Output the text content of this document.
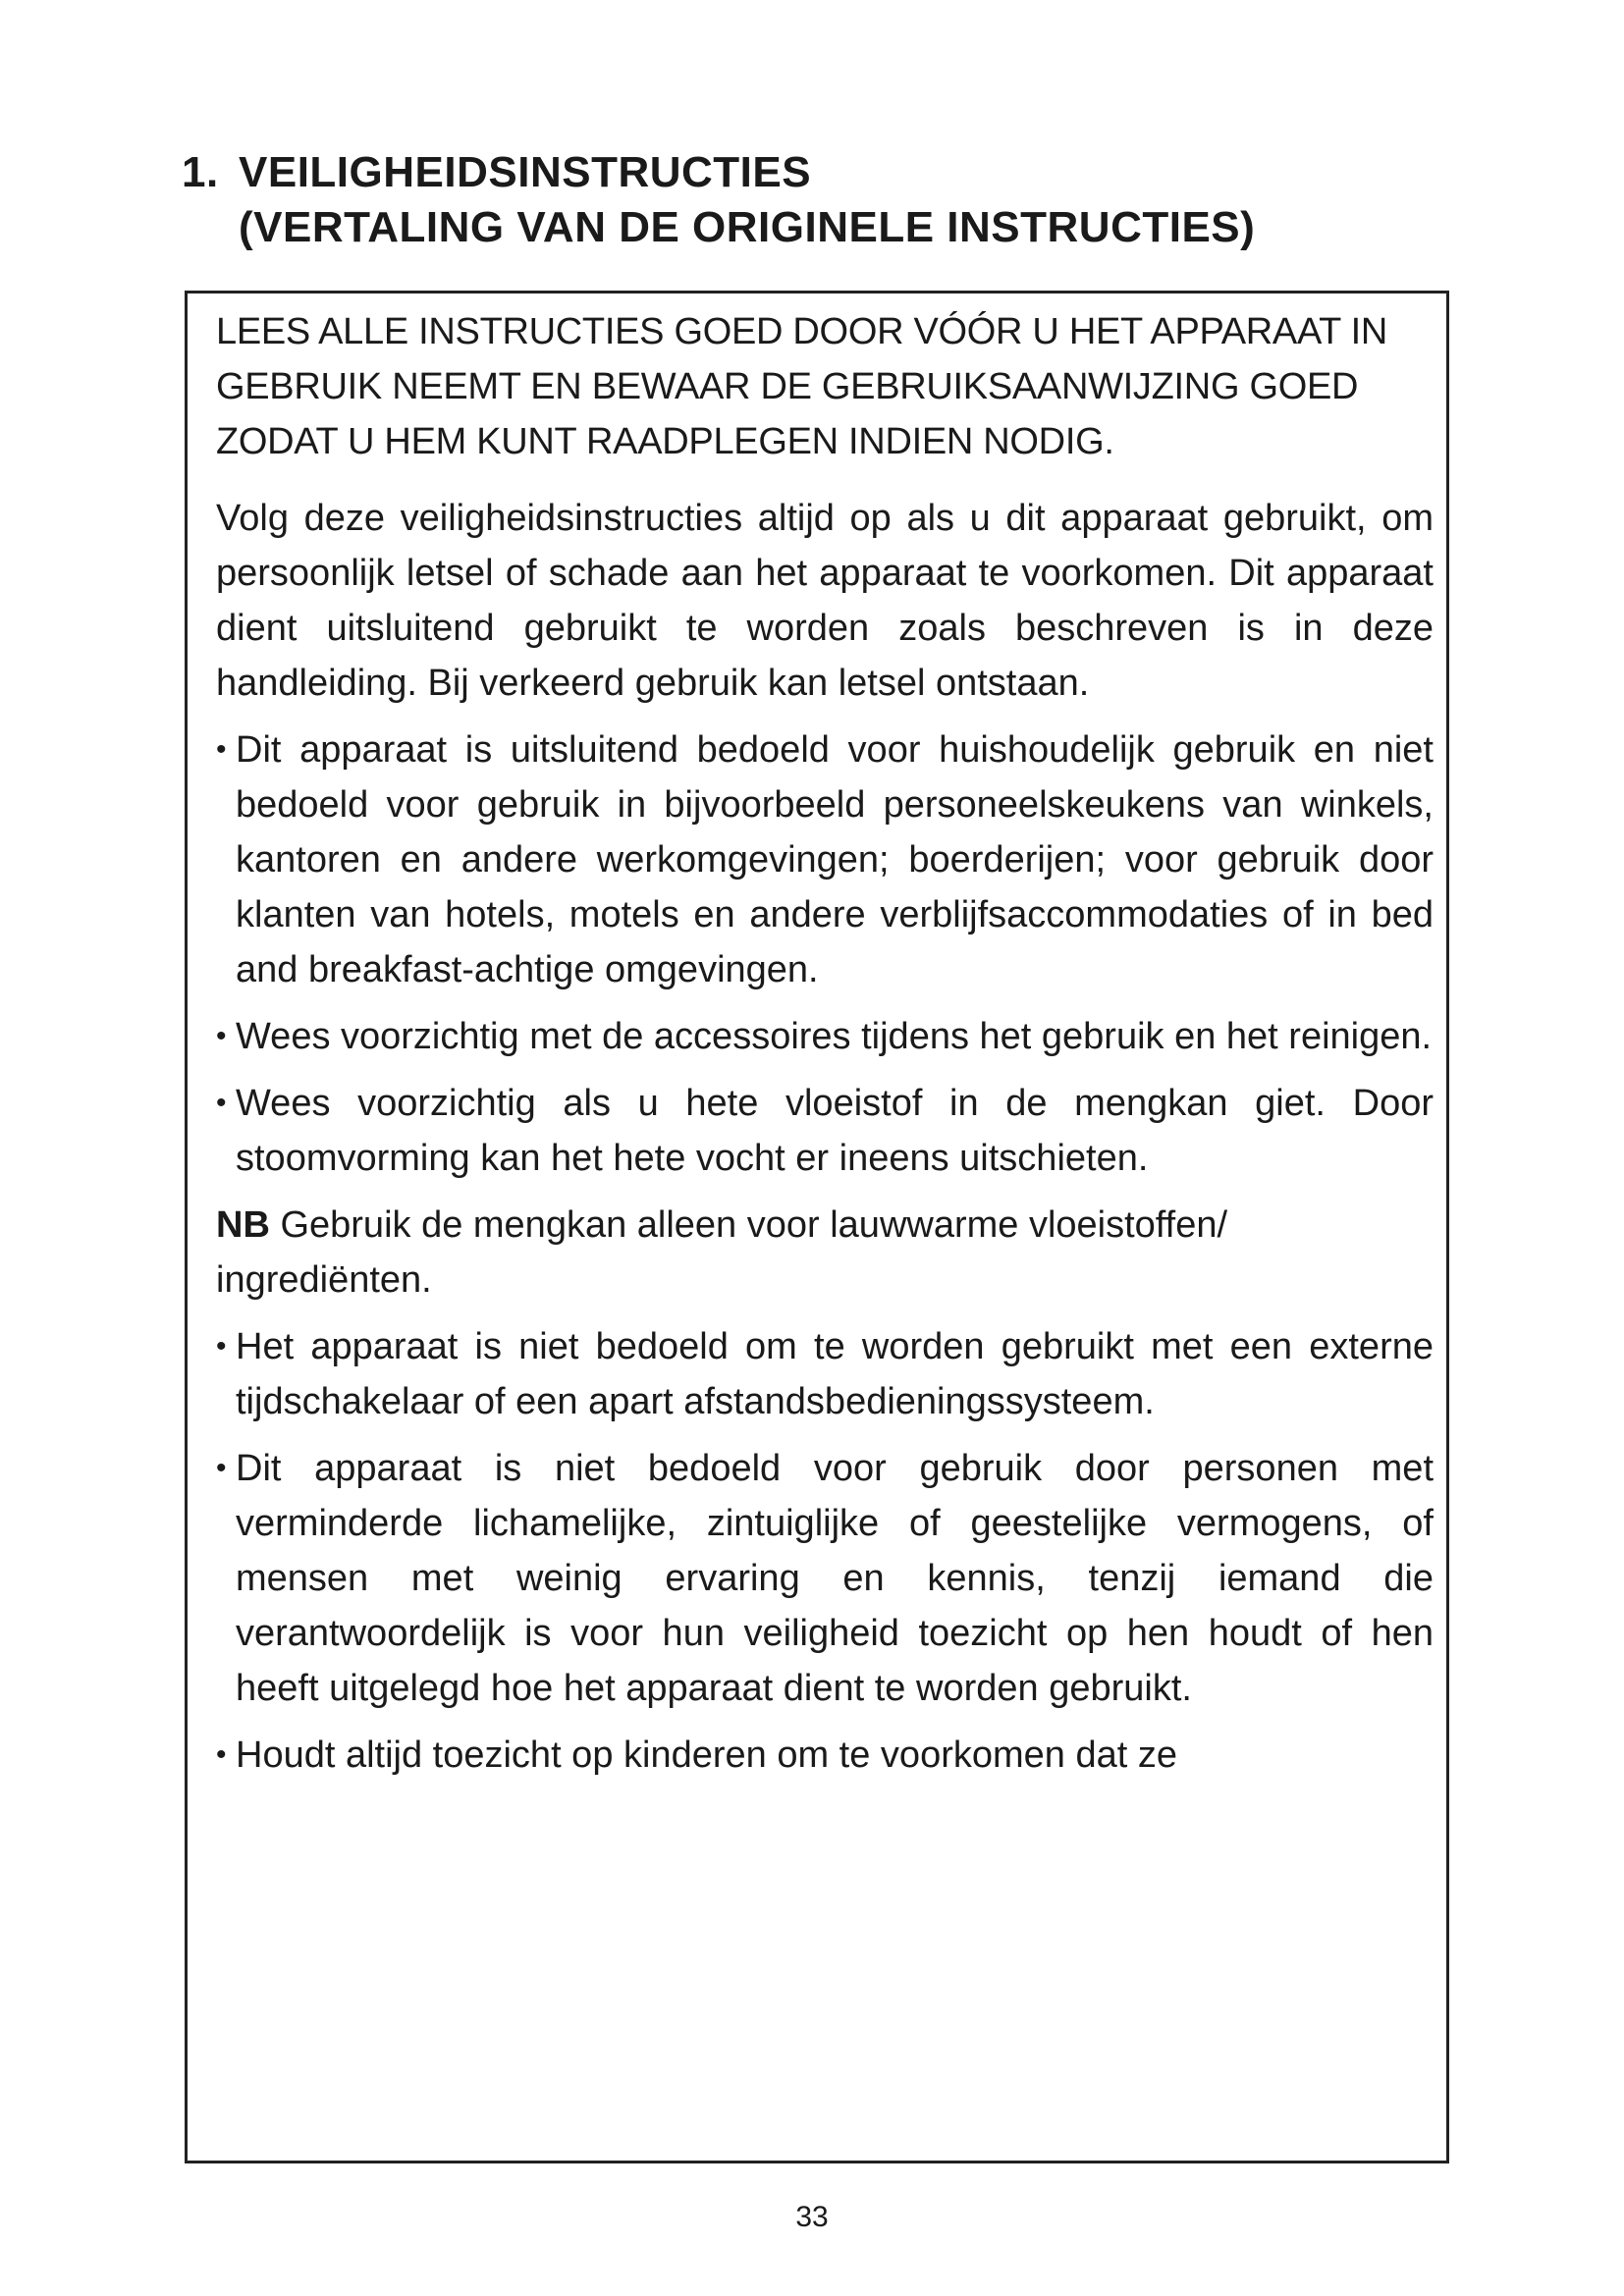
1. VEILIGHEIDSINSTRUCTIES
(VERTALING VAN DE ORIGINELE INSTRUCTIES)

LEES ALLE INSTRUCTIES GOED DOOR VÓÓR U HET APPARAAT IN GEBRUIK NEEMT EN BEWAAR DE GEBRUIKSAANWIJZING GOED ZODAT U HEM KUNT RAADPLEGEN INDIEN NODIG.

Volg deze veiligheidsinstructies altijd op als u dit apparaat gebruikt, om persoonlijk letsel of schade aan het apparaat te voorkomen. Dit apparaat dient uitsluitend gebruikt te worden zoals beschreven is in deze handleiding. Bij verkeerd gebruik kan letsel ontstaan.

• Dit apparaat is uitsluitend bedoeld voor huishoudelijk gebruik en niet bedoeld voor gebruik in bijvoorbeeld personeelskeukens van winkels, kantoren en andere werkomgevingen; boerderijen; voor gebruik door klanten van hotels, motels en andere verblijfsaccommodaties of in bed and breakfast-achtige omgevingen.
• Wees voorzichtig met de accessoires tijdens het gebruik en het reinigen.
• Wees voorzichtig als u hete vloeistof in de mengkan giet. Door stoomvorming kan het hete vocht er ineens uitschieten.

NB Gebruik de mengkan alleen voor lauwwarme vloeistoffen/ ingrediënten.

• Het apparaat is niet bedoeld om te worden gebruikt met een externe tijdschakelaar of een apart afstandsbedieningssysteem.
• Dit apparaat is niet bedoeld voor gebruik door personen met verminderde lichamelijke, zintuiglijke of geestelijke vermogens, of mensen met weinig ervaring en kennis, tenzij iemand die verantwoordelijk is voor hun veiligheid toezicht op hen houdt of hen heeft uitgelegd hoe het apparaat dient te worden gebruikt.
• Houdt altijd toezicht op kinderen om te voorkomen dat ze
33
